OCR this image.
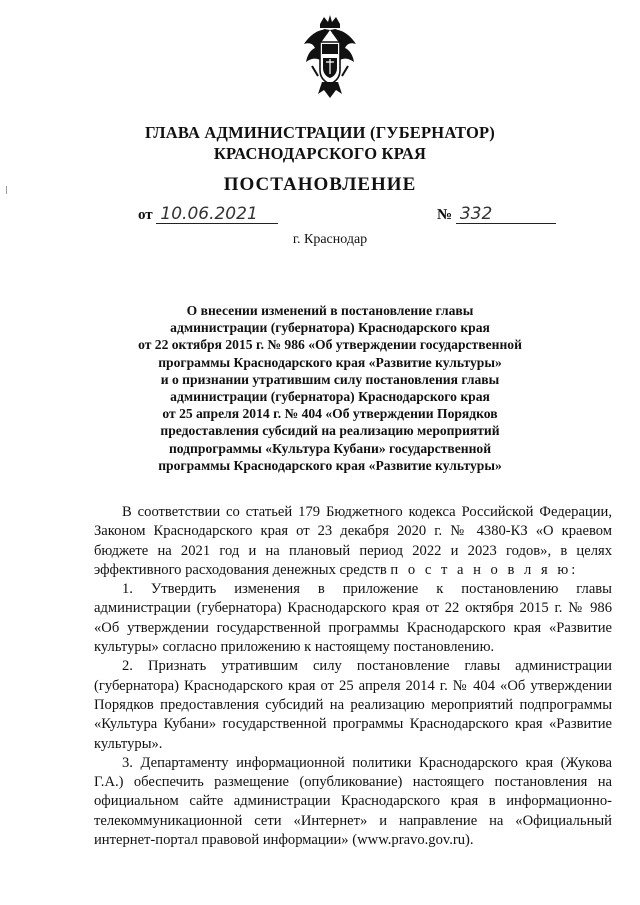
ГЛАВА АДМИНИСТРАЦИИ (ГУБЕРНАТОР)
КРАСНОДАРСКОГО КРАЯ
ПОСТАНОВЛЕНИЕ
от 10.06.2021	№ 332
г. Краснодар
О внесении изменений в постановление главы
администрации (губернатора) Краснодарского края
от 22 октября 2015 г. № 986 «Об утверждении государственной
программы Краснодарского края «Развитие культуры»
и о признании утратившим силу постановления главы
администрации (губернатора) Краснодарского края
от 25 апреля 2014 г. № 404 «Об утверждении Порядков
предоставления субсидий на реализацию мероприятий
подпрограммы «Культура Кубани» государственной
программы Краснодарского края «Развитие культуры»

В соответствии со статьей 179 Бюджетного кодекса Российской Федерации, Законом Краснодарского края от 23 декабря 2020 г. № 4380-КЗ «О краевом бюджете на 2021 год и на плановый период 2022 и 2023 годов», в целях эффективного расходования денежных средств п о с т а н о в л я ю:

1. Утвердить изменения в приложение к постановлению главы администрации (губернатора) Краснодарского края от 22 октября 2015 г. № 986 «Об утверждении государственной программы Краснодарского края «Развитие культуры» согласно приложению к настоящему постановлению.

2. Признать утратившим силу постановление главы администрации (губернатора) Краснодарского края от 25 апреля 2014 г. № 404 «Об утверждении Порядков предоставления субсидий на реализацию мероприятий подпрограммы «Культура Кубани» государственной программы Краснодарского края «Развитие культуры».

3. Департаменту информационной политики Краснодарского края (Жукова Г.А.) обеспечить размещение (опубликование) настоящего постановления на официальном сайте администрации Краснодарского края в информационно-телекоммуникационной сети «Интернет» и направление на «Официальный интернет-портал правовой информации» (www.pravo.gov.ru).
